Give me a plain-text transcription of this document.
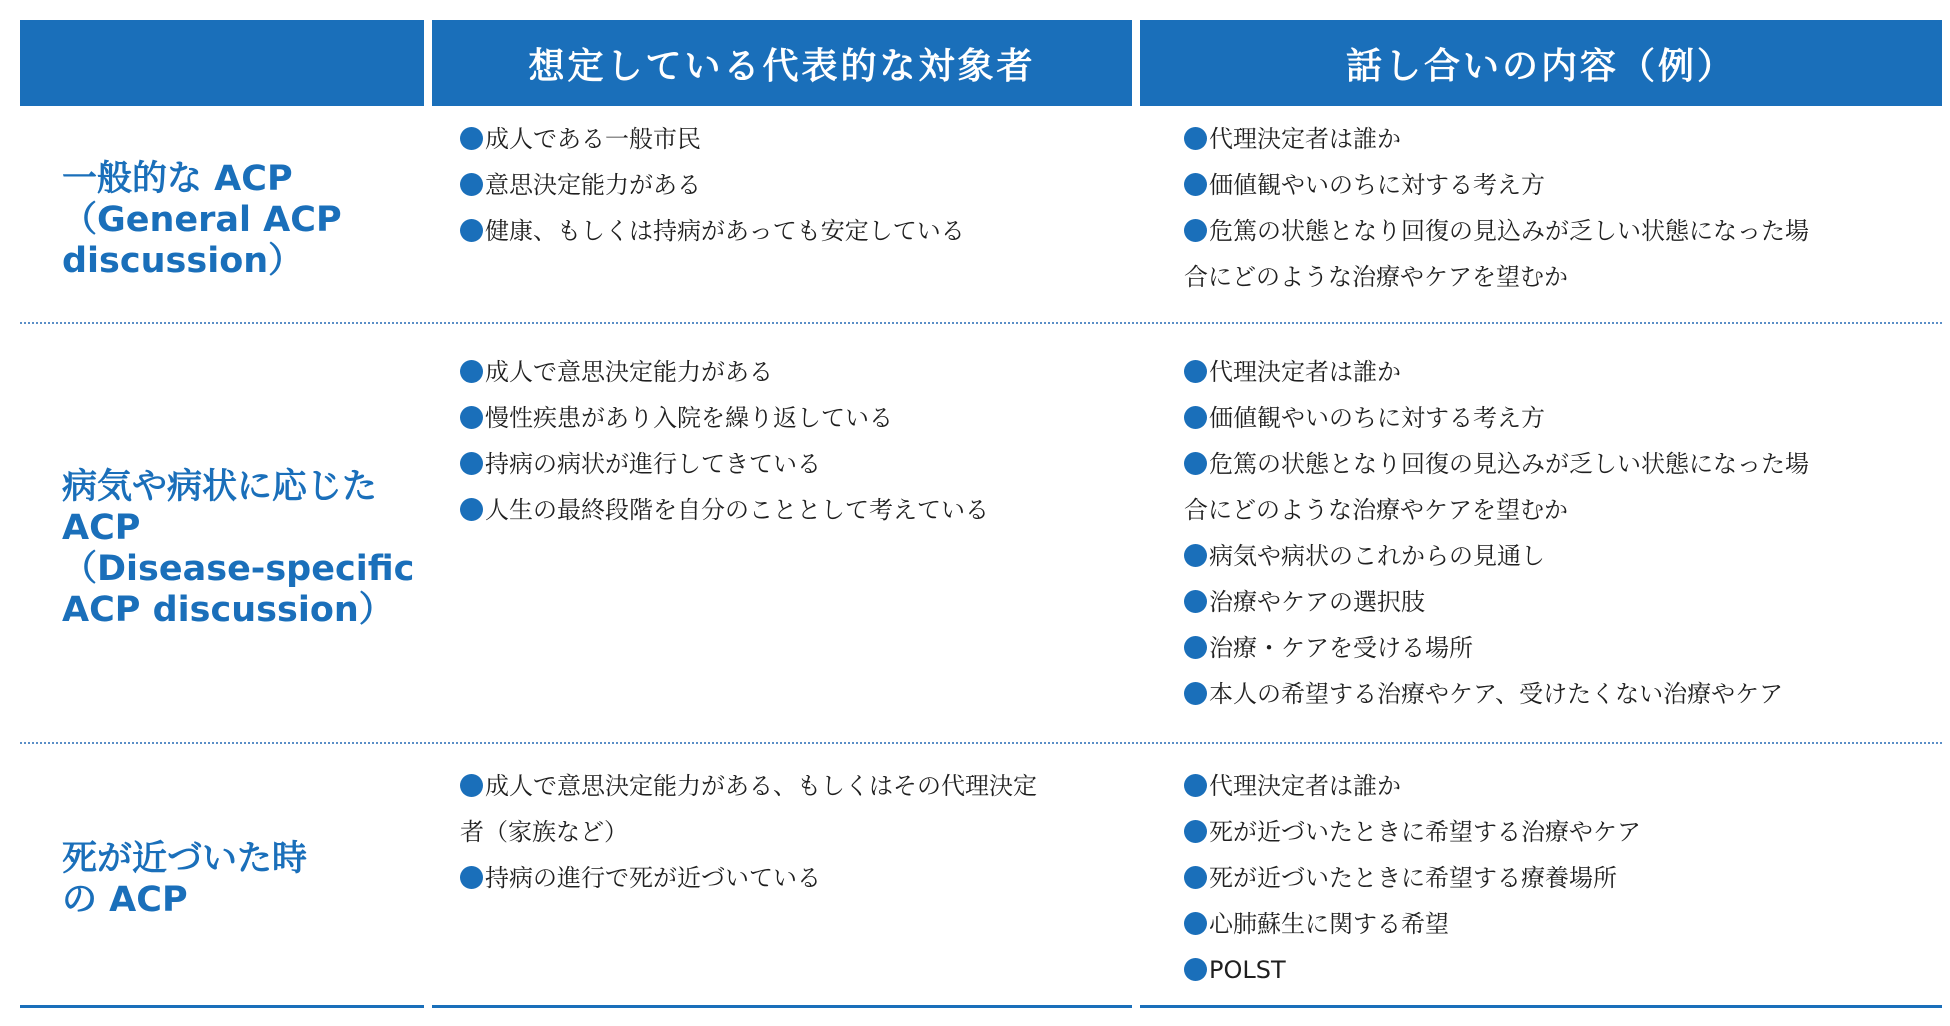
想定している代表的な対象者	話し合いの内容（例）
一般的な ACP
（General ACP
discussion）
成人である一般市民
意思決定能力がある
健康、もしくは持病があっても安定している
代理決定者は誰か
価値観やいのちに対する考え方
危篤の状態となり回復の見込みが乏しい状態になった場
合にどのような治療やケアを望むか
病気や病状に応じた
ACP
（Disease-specific
ACP discussion）
成人で意思決定能力がある
慢性疾患があり入院を繰り返している
持病の病状が進行してきている
人生の最終段階を自分のこととして考えている
代理決定者は誰か
価値観やいのちに対する考え方
危篤の状態となり回復の見込みが乏しい状態になった場
合にどのような治療やケアを望むか
病気や病状のこれからの見通し
治療やケアの選択肢
治療・ケアを受ける場所
本人の希望する治療やケア、受けたくない治療やケア
死が近づいた時
の ACP
成人で意思決定能力がある、もしくはその代理決定
者（家族など）
持病の進行で死が近づいている
代理決定者は誰か
死が近づいたときに希望する治療やケア
死が近づいたときに希望する療養場所
心肺蘇生に関する希望
POLST
